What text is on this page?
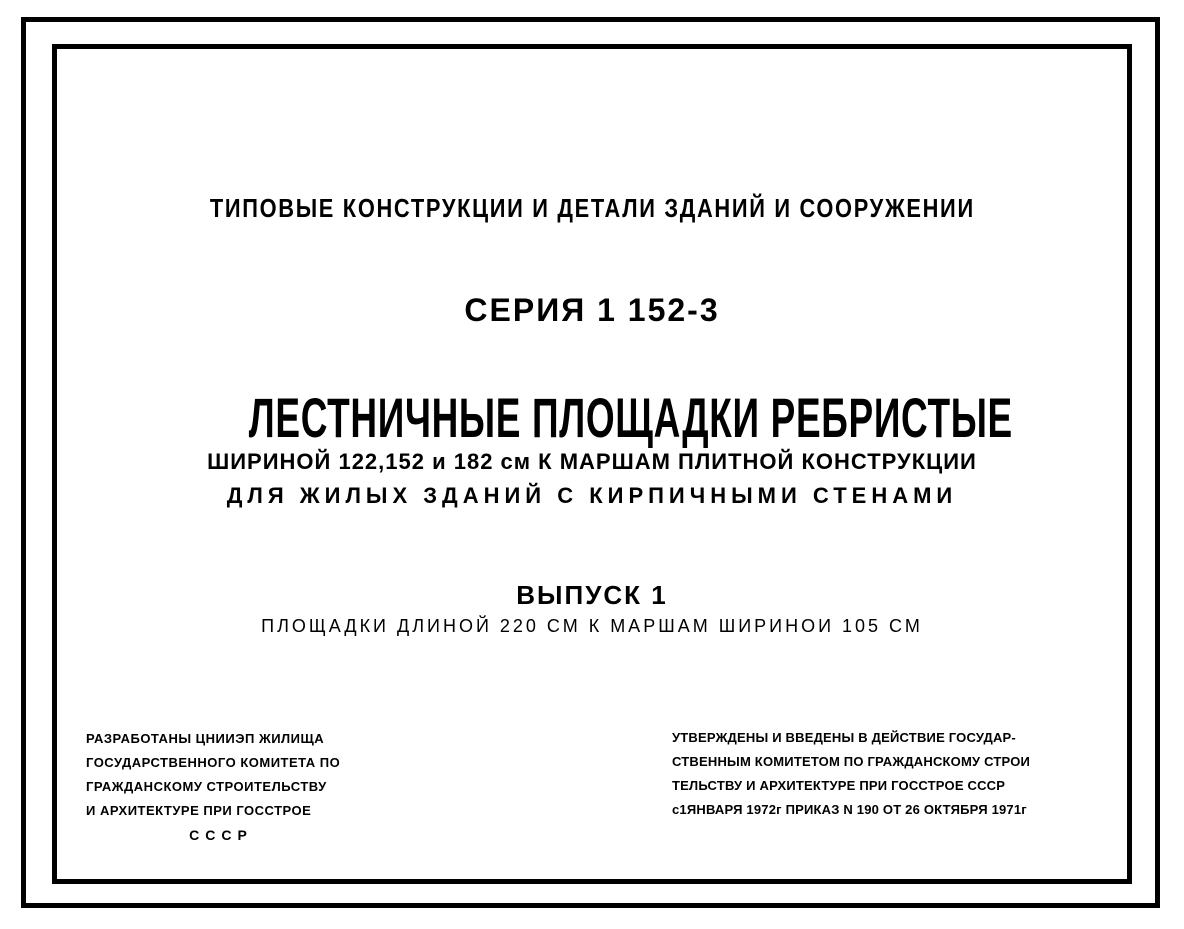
ТИПОВЫЕ КОНСТРУКЦИИ И ДЕТАЛИ ЗДАНИЙ И СООРУЖЕНИИ
СЕРИЯ 1 152-3
ЛЕСТНИЧНЫЕ ПЛОЩАДКИ РЕБРИСТЫЕ
ШИРИНОЙ 122,152 и 182 см К МАРШАМ ПЛИТНОЙ КОНСТРУКЦИИ
ДЛЯ ЖИЛЫХ ЗДАНИЙ С КИРПИЧНЫМИ СТЕНАМИ
ВЫПУСК 1
ПЛОЩАДКИ ДЛИНОЙ 220 СМ К МАРШАМ ШИРИНОИ 105 СМ
РАЗРАБОТАНЫ ЦНИИЭП ЖИЛИЩА
ГОСУДАРСТВЕННОГО КОМИТЕТА ПО
ГРАЖДАНСКОМУ СТРОИТЕЛЬСТВУ
И АРХИТЕКТУРЕ ПРИ ГОССТРОЕ
СССР
УТВЕРЖДЕНЫ И ВВЕДЕНЫ В ДЕЙСТВИЕ ГОСУДАР-
СТВЕННЫМ КОМИТЕТОМ ПО ГРАЖДАНСКОМУ СТРОИ
ТЕЛЬСТВУ И АРХИТЕКТУРЕ ПРИ ГОССТРОЕ СССР
с1ЯНВАРЯ 1972г ПРИКАЗ N 190 ОТ 26 ОКТЯБРЯ 1971г
